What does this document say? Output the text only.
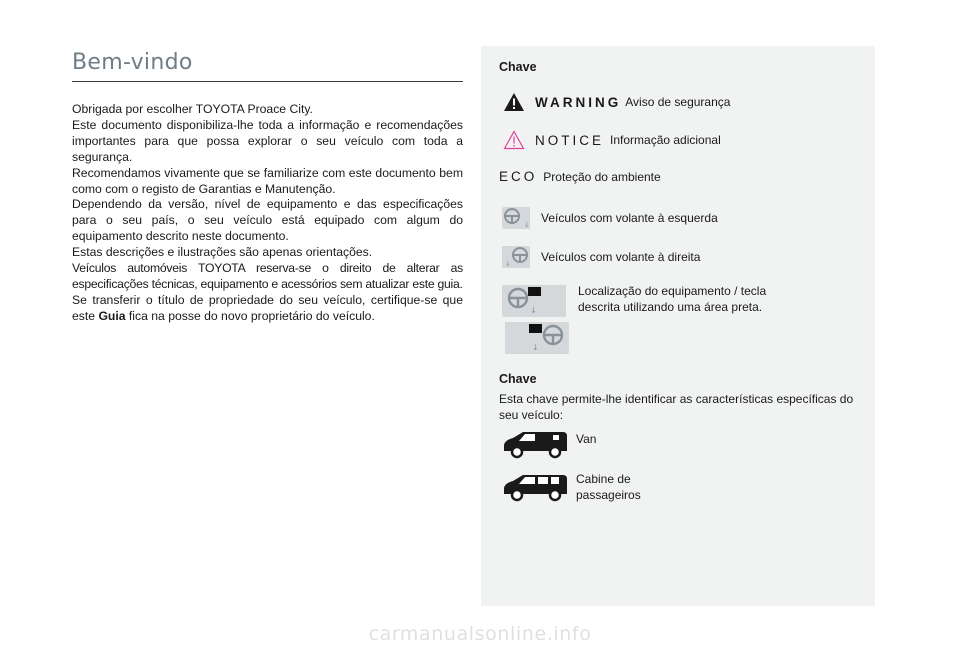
Bem-vindo

Obrigada por escolher TOYOTA Proace City.

Este documento disponibiliza-lhe toda a informação e recomendações importantes para que possa explorar o seu veículo com toda a segurança.

Recomendamos vivamente que se familiarize com este documento bem como com o registo de Garantias e Manutenção.

Dependendo da versão, nível de equipamento e das especificações para o seu país, o seu veículo está equipado com algum do equipamento descrito neste documento.

Estas descrições e ilustrações são apenas orientações.

Veículos automóveis TOYOTA reserva-se o direito de alterar as especificações técnicas, equipamento e acessórios sem atualizar este guia.

Se transferir o título de propriedade do seu veículo, certifique-se que este Guia fica na posse do novo proprietário do veículo.

Chave
WARNING Aviso de segurança
NOTICE Informação adicional
ECO Proteção do ambiente
↓ Veículos com volante à esquerda
↓	Veículos com volante à direita
↓
↓
Localização do equipamento / tecla descrita utilizando uma área preta.
Chave
Esta chave permite-lhe identificar as características específicas do seu veículo:
Van
Cabine de
passageiros
carmanualsonline.info
